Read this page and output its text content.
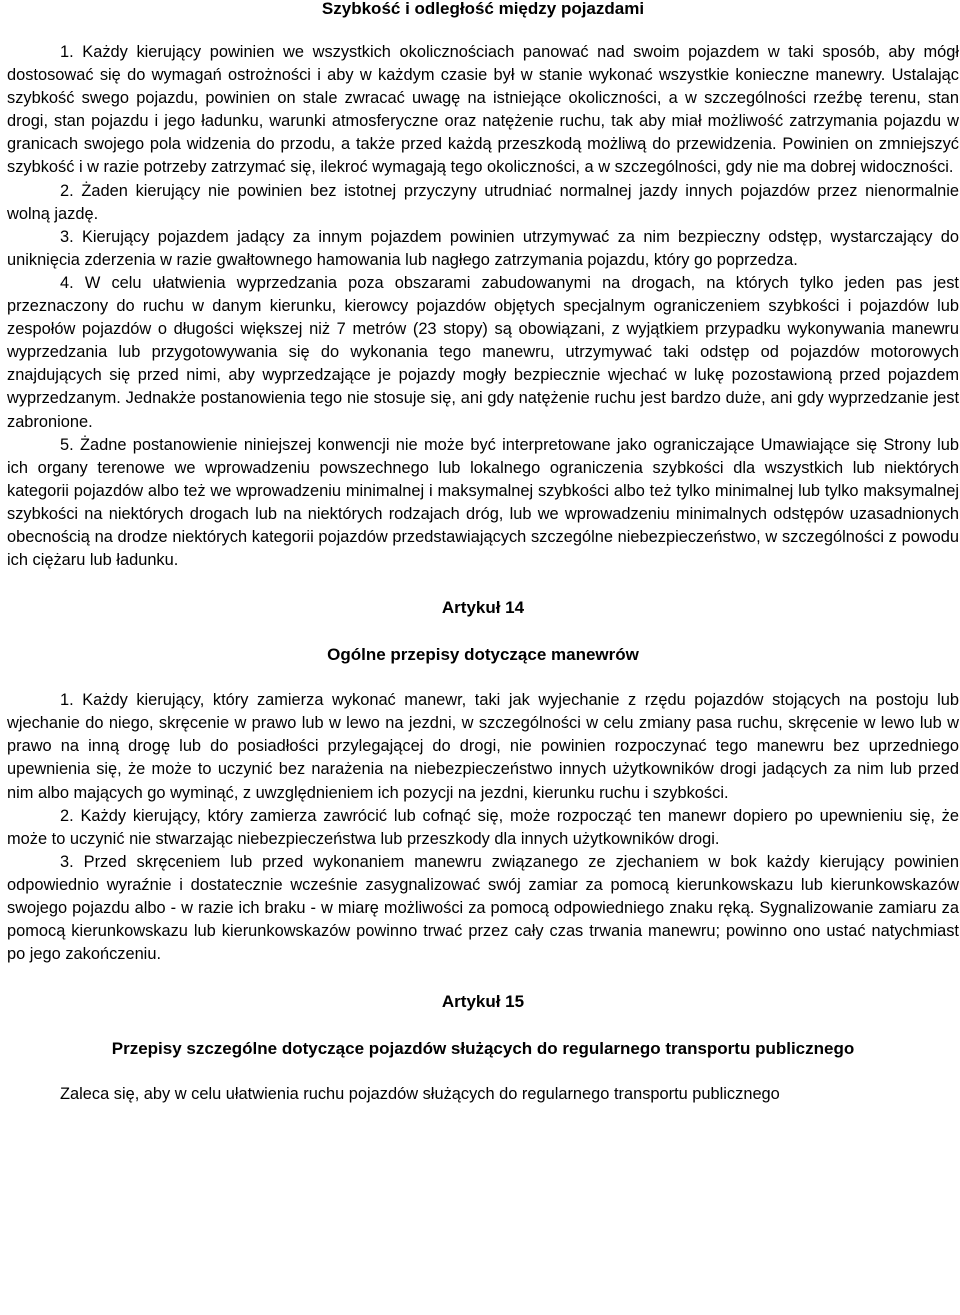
Szybkość i odległość między pojazdami

1. Każdy kierujący powinien we wszystkich okolicznościach panować nad swoim pojazdem w taki sposób, aby mógł dostosować się do wymagań ostrożności i aby w każdym czasie był w stanie wykonać wszystkie konieczne manewry. Ustalając szybkość swego pojazdu, powinien on stale zwracać uwagę na istniejące okoliczności, a w szczególności rzeźbę terenu, stan drogi, stan pojazdu i jego ładunku, warunki atmosferyczne oraz natężenie ruchu, tak aby miał możliwość zatrzymania pojazdu w granicach swojego pola widzenia do przodu, a także przed każdą przeszkodą możliwą do przewidzenia. Powinien on zmniejszyć szybkość i w razie potrzeby zatrzymać się, ilekroć wymagają tego okoliczności, a w szczególności, gdy nie ma dobrej widoczności.

2. Żaden kierujący nie powinien bez istotnej przyczyny utrudniać normalnej jazdy innych pojazdów przez nienormalnie wolną jazdę.

3. Kierujący pojazdem jadący za innym pojazdem powinien utrzymywać za nim bezpieczny odstęp, wystarczający do uniknięcia zderzenia w razie gwałtownego hamowania lub nagłego zatrzymania pojazdu, który go poprzedza.

4. W celu ułatwienia wyprzedzania poza obszarami zabudowanymi na drogach, na których tylko jeden pas jest przeznaczony do ruchu w danym kierunku, kierowcy pojazdów objętych specjalnym ograniczeniem szybkości i pojazdów lub zespołów pojazdów o długości większej niż 7 metrów (23 stopy) są obowiązani, z wyjątkiem przypadku wykonywania manewru wyprzedzania lub przygotowywania się do wykonania tego manewru, utrzymywać taki odstęp od pojazdów motorowych znajdujących się przed nimi, aby wyprzedzające je pojazdy mogły bezpiecznie wjechać w lukę pozostawioną przed pojazdem wyprzedzanym. Jednakże postanowienia tego nie stosuje się, ani gdy natężenie ruchu jest bardzo duże, ani gdy wyprzedzanie jest zabronione.

5. Żadne postanowienie niniejszej konwencji nie może być interpretowane jako ograniczające Umawiające się Strony lub ich organy terenowe we wprowadzeniu powszechnego lub lokalnego ograniczenia szybkości dla wszystkich lub niektórych kategorii pojazdów albo też we wprowadzeniu minimalnej i maksymalnej szybkości albo też tylko minimalnej lub tylko maksymalnej szybkości na niektórych drogach lub na niektórych rodzajach dróg, lub we wprowadzeniu minimalnych odstępów uzasadnionych obecnością na drodze niektórych kategorii pojazdów przedstawiających szczególne niebezpieczeństwo, w szczególności z powodu ich ciężaru lub ładunku.

Artykuł 14

Ogólne przepisy dotyczące manewrów

1. Każdy kierujący, który zamierza wykonać manewr, taki jak wyjechanie z rzędu pojazdów stojących na postoju lub wjechanie do niego, skręcenie w prawo lub w lewo na jezdni, w szczególności w celu zmiany pasa ruchu, skręcenie w lewo lub w prawo na inną drogę lub do posiadłości przylegającej do drogi, nie powinien rozpoczynać tego manewru bez uprzedniego upewnienia się, że może to uczynić bez narażenia na niebezpieczeństwo innych użytkowników drogi jadących za nim lub przed nim albo mających go wyminąć, z uwzględnieniem ich pozycji na jezdni, kierunku ruchu i szybkości.

2. Każdy kierujący, który zamierza zawrócić lub cofnąć się, może rozpocząć ten manewr dopiero po upewnieniu się, że może to uczynić nie stwarzając niebezpieczeństwa lub przeszkody dla innych użytkowników drogi.

3. Przed skręceniem lub przed wykonaniem manewru związanego ze zjechaniem w bok każdy kierujący powinien odpowiednio wyraźnie i dostatecznie wcześnie zasygnalizować swój zamiar za pomocą kierunkowskazu lub kierunkowskazów swojego pojazdu albo - w razie ich braku - w miarę możliwości za pomocą odpowiedniego znaku ręką. Sygnalizowanie zamiaru za pomocą kierunkowskazu lub kierunkowskazów powinno trwać przez cały czas trwania manewru; powinno ono ustać natychmiast po jego zakończeniu.

Artykuł 15

Przepisy szczególne dotyczące pojazdów służących do regularnego transportu publicznego

Zaleca się, aby w celu ułatwienia ruchu pojazdów służących do regularnego transportu publicznego
